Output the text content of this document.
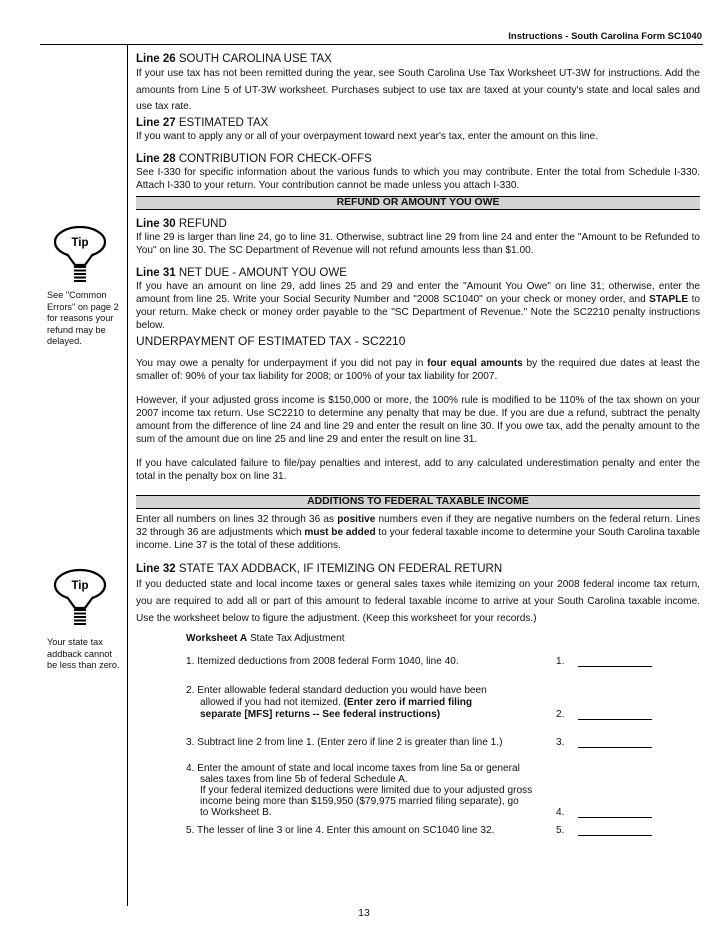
Instructions - South Carolina Form SC1040

Line 26 SOUTH CAROLINA USE TAX

If your use tax has not been remitted during the year, see South Carolina Use Tax Worksheet UT-3W for instructions. Add the amounts from Line 5 of UT-3W worksheet. Purchases subject to use tax are taxed at your county's state and local sales and use tax rate.

Line 27 ESTIMATED TAX

If you want to apply any or all of your overpayment toward next year's tax, enter the amount on this line.

Line 28 CONTRIBUTION FOR CHECK-OFFS

See I-330 for specific information about the various funds to which you may contribute. Enter the total from Schedule I-330. Attach I-330 to your return. Your contribution cannot be made unless you attach I-330.

REFUND OR AMOUNT YOU OWE

Line 30 REFUND

If line 29 is larger than line 24, go to line 31. Otherwise, subtract line 29 from line 24 and enter the "Amount to be Refunded to You" on line 30. The SC Department of Revenue will not refund amounts less than $1.00.

Line 31 NET DUE - AMOUNT YOU OWE

If you have an amount on line 29, add lines 25 and 29 and enter the "Amount You Owe" on line 31; otherwise, enter the amount from line 25. Write your Social Security Number and "2008 SC1040" on your check or money order, and STAPLE to your return. Make check or money order payable to the "SC Department of Revenue." Note the SC2210 penalty instructions below.

UNDERPAYMENT OF ESTIMATED TAX - SC2210

You may owe a penalty for underpayment if you did not pay in four equal amounts by the required due dates at least the smaller of: 90% of your tax liability for 2008; or 100% of your tax liability for 2007.

However, if your adjusted gross income is $150,000 or more, the 100% rule is modified to be 110% of the tax shown on your 2007 income tax return. Use SC2210 to determine any penalty that may be due. If you are due a refund, subtract the penalty amount from the difference of line 24 and line 29 and enter the result on line 30. If you owe tax, add the penalty amount to the sum of the amount due on line 25 and line 29 and enter the result on line 31.

If you have calculated failure to file/pay penalties and interest, add to any calculated underestimation penalty and enter the total in the penalty box on line 31.

ADDITIONS TO FEDERAL TAXABLE INCOME

Enter all numbers on lines 32 through 36 as positive numbers even if they are negative numbers on the federal return. Lines 32 through 36 are adjustments which must be added to your federal taxable income to determine your South Carolina taxable income. Line 37 is the total of these additions.

Line 32 STATE TAX ADDBACK, IF ITEMIZING ON FEDERAL RETURN

If you deducted state and local income taxes or general sales taxes while itemizing on your 2008 federal income tax return, you are required to add all or part of this amount to federal taxable income to arrive at your South Carolina taxable income. Use the worksheet below to figure the adjustment. (Keep this worksheet for your records.)

Worksheet A State Tax Adjustment
1. Itemized deductions from 2008 federal Form 1040, line 40.	1.
2. Enter allowable federal standard deduction you would have been
allowed if you had not itemized. (Enter zero if married filing
separate [MFS] returns -- See federal instructions)	2.
3. Subtract line 2 from line 1. (Enter zero if line 2 is greater than line 1.)	3.
4. Enter the amount of state and local income taxes from line 5a or general
sales taxes from line 5b of federal Schedule A.
If your federal itemized deductions were limited due to your adjusted gross
income being more than $159,950 ($79,975 married filing separate), go
to Worksheet B.	4.
5. The lesser of line 3 or line 4. Enter this amount on SC1040 line 32.	5.
Tip
See "Common Errors" on page 2 for reasons your refund may be delayed.
Tip
Your state tax addback cannot be less than zero.
13
